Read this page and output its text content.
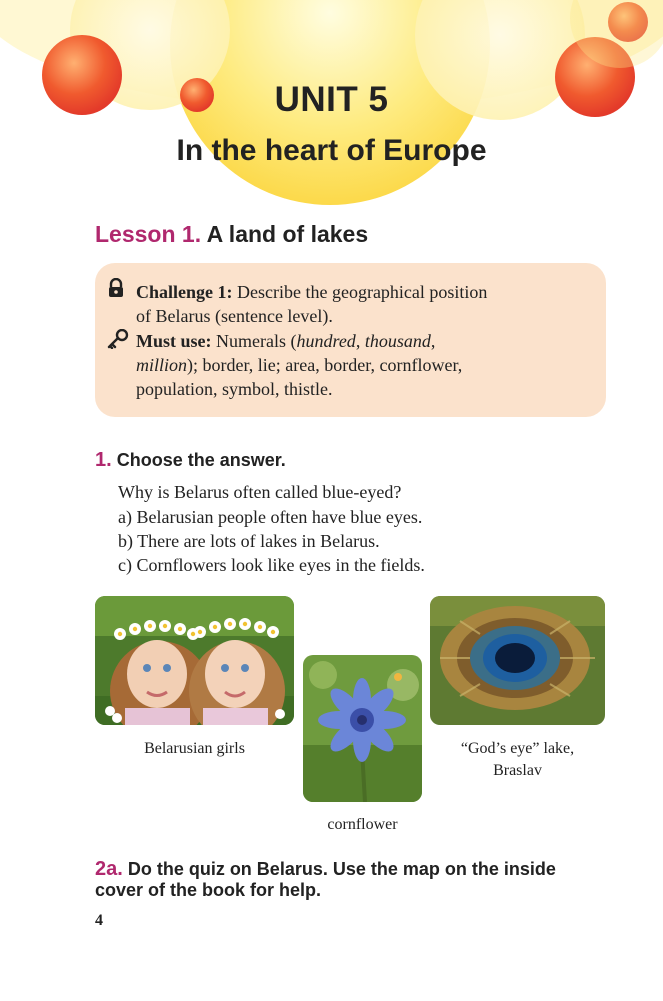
UNIT 5
In the heart of Europe
Lesson 1. A land of lakes
Challenge 1: Describe the geographical position
of Belarus (sentence level).
Must use: Numerals (hundred, thousand,
million); border, lie; area, border, cornflower,
population, symbol, thistle.
1. Choose the answer.
Why is Belarus often called blue-eyed?
a) Belarusian people often have blue eyes.
b) There are lots of lakes in Belarus.
c) Cornflowers look like eyes in the fields.
Belarusian girls
cornflower
“God’s eye” lake,
Braslav
2a. Do the quiz on Belarus. Use the map on the inside
cover of the book for help.
4
